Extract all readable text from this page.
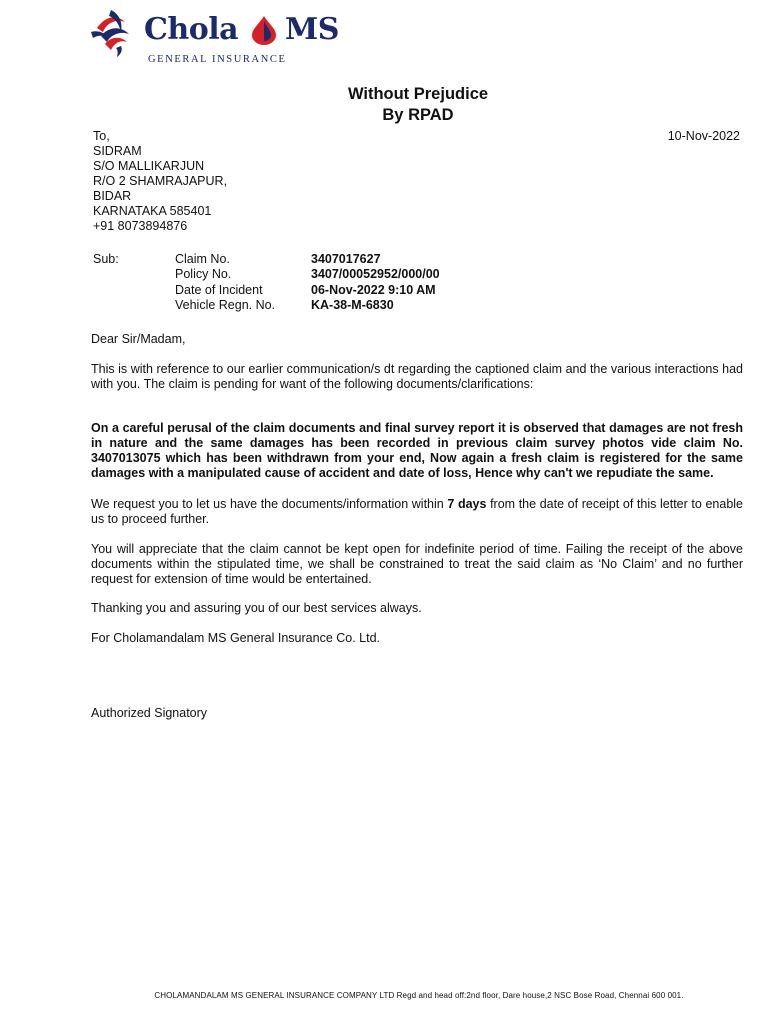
Chola MS
GENERAL INSURANCE
Without Prejudice
By RPAD
10-Nov-2022
To,
SIDRAM
S/O MALLIKARJUN
R/O 2 SHAMRAJAPUR,
BIDAR
KARNATAKA 585401
+91 8073894876
Sub:	Claim No.
Policy No.
Date of Incident
Vehicle Regn. No.
3407017627
3407/00052952/000/00
06-Nov-2022 9:10 AM
KA-38-M-6830
Dear Sir/Madam,
This is with reference to our earlier communication/s dt regarding the captioned claim and the various interactions had with you. The claim is pending for want of the following documents/clarifications:
On a careful perusal of the claim documents and final survey report it is observed that damages are not fresh in nature and the same damages has been recorded in previous claim survey photos vide claim No. 3407013075 which has been withdrawn from your end, Now again a fresh claim is registered for the same damages with a manipulated cause of accident and date of loss, Hence why can't we repudiate the same.
We request you to let us have the documents/information within 7 days from the date of receipt of this letter to enable us to proceed further.
You will appreciate that the claim cannot be kept open for indefinite period of time. Failing the receipt of the above documents within the stipulated time, we shall be constrained to treat the said claim as ‘No Claim’ and no further request for extension of time would be entertained.
Thanking you and assuring you of our best services always.
For Cholamandalam MS General Insurance Co. Ltd.
Authorized Signatory
CHOLAMANDALAM MS GENERAL INSURANCE COMPANY LTD Regd and head off:2nd floor, Dare house,2 NSC Bose Road, Chennai 600 001.
